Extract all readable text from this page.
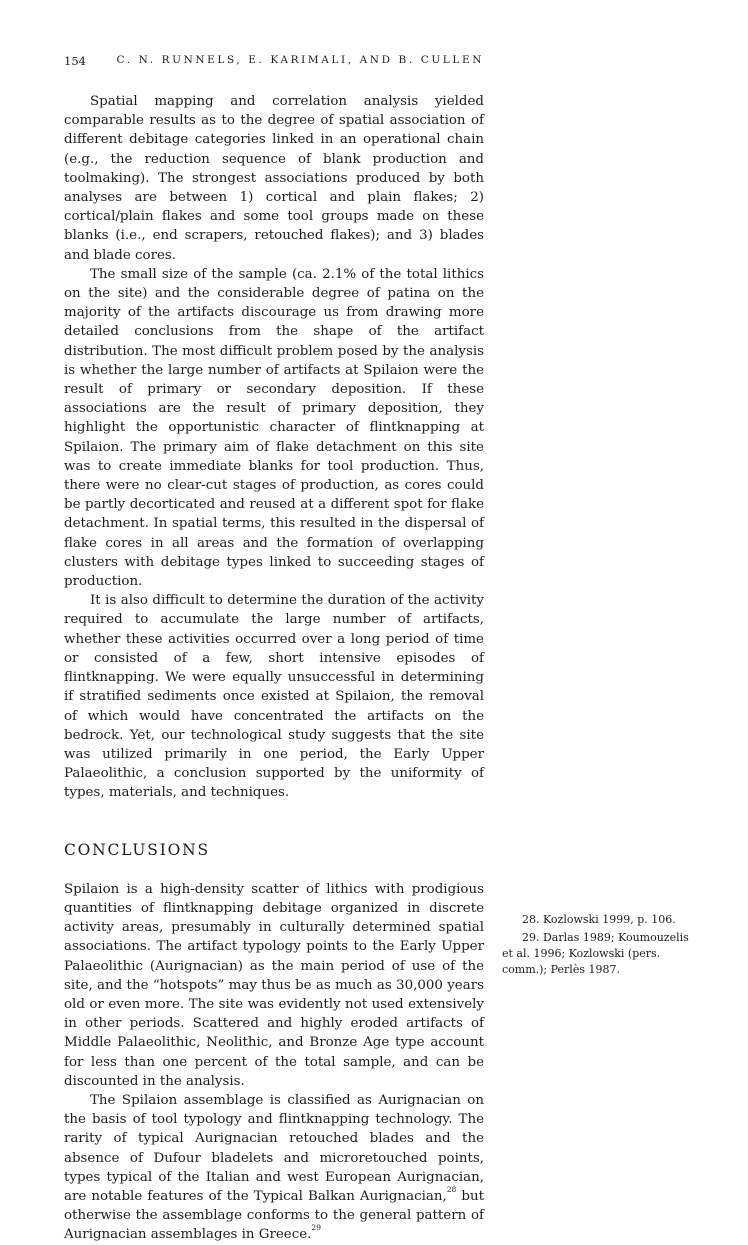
154	C. N. RUNNELS, E. KARIMALI, AND B. CULLEN

Spatial mapping and correlation analysis yielded comparable results as to the degree of spatial association of different debitage categories linked in an operational chain (e.g., the reduction sequence of blank production and toolmaking). The strongest associations produced by both analyses are between 1) cortical and plain flakes; 2) cortical/plain flakes and some tool groups made on these blanks (i.e., end scrapers, retouched flakes); and 3) blades and blade cores.

The small size of the sample (ca. 2.1% of the total lithics on the site) and the considerable degree of patina on the majority of the artifacts discourage us from drawing more detailed conclusions from the shape of the artifact distribution. The most difficult problem posed by the analysis is whether the large number of artifacts at Spilaion were the result of primary or secondary deposition. If these associations are the result of primary deposition, they highlight the opportunistic character of flintknapping at Spilaion. The primary aim of flake detachment on this site was to create immediate blanks for tool production. Thus, there were no clear-cut stages of production, as cores could be partly decorticated and reused at a different spot for flake detachment. In spatial terms, this resulted in the dispersal of flake cores in all areas and the formation of overlapping clusters with debitage types linked to succeeding stages of production.

It is also difficult to determine the duration of the activity required to accumulate the large number of artifacts, whether these activities occurred over a long period of time or consisted of a few, short intensive episodes of flintknapping. We were equally unsuccessful in determining if stratified sediments once existed at Spilaion, the removal of which would have concentrated the artifacts on the bedrock. Yet, our technological study suggests that the site was utilized primarily in one period, the Early Upper Palaeolithic, a conclusion supported by the uniformity of types, materials, and techniques.

CONCLUSIONS

Spilaion is a high-density scatter of lithics with prodigious quantities of flintknapping debitage organized in discrete activity areas, presumably in culturally determined spatial associations. The artifact typology points to the Early Upper Palaeolithic (Aurignacian) as the main period of use of the site, and the “hotspots” may thus be as much as 30,000 years old or even more. The site was evidently not used extensively in other periods. Scattered and highly eroded artifacts of Middle Palaeolithic, Neolithic, and Bronze Age type account for less than one percent of the total sample, and can be discounted in the analysis.

The Spilaion assemblage is classified as Aurignacian on the basis of tool typology and flintknapping technology. The rarity of typical Aurignacian retouched blades and the absence of Dufour bladelets and microretouched points, types typical of the Italian and west European Aurignacian, are notable features of the Typical Balkan Aurignacian,$^{28}$ but otherwise the assemblage conforms to the general pattern of Aurignacian assemblages in Greece.$^{29}$

28. Kozlowski 1999, p. 106.

29. Darlas 1989; Koumouzelis et al. 1996; Kozlowski (pers. comm.); Perlès 1987.
